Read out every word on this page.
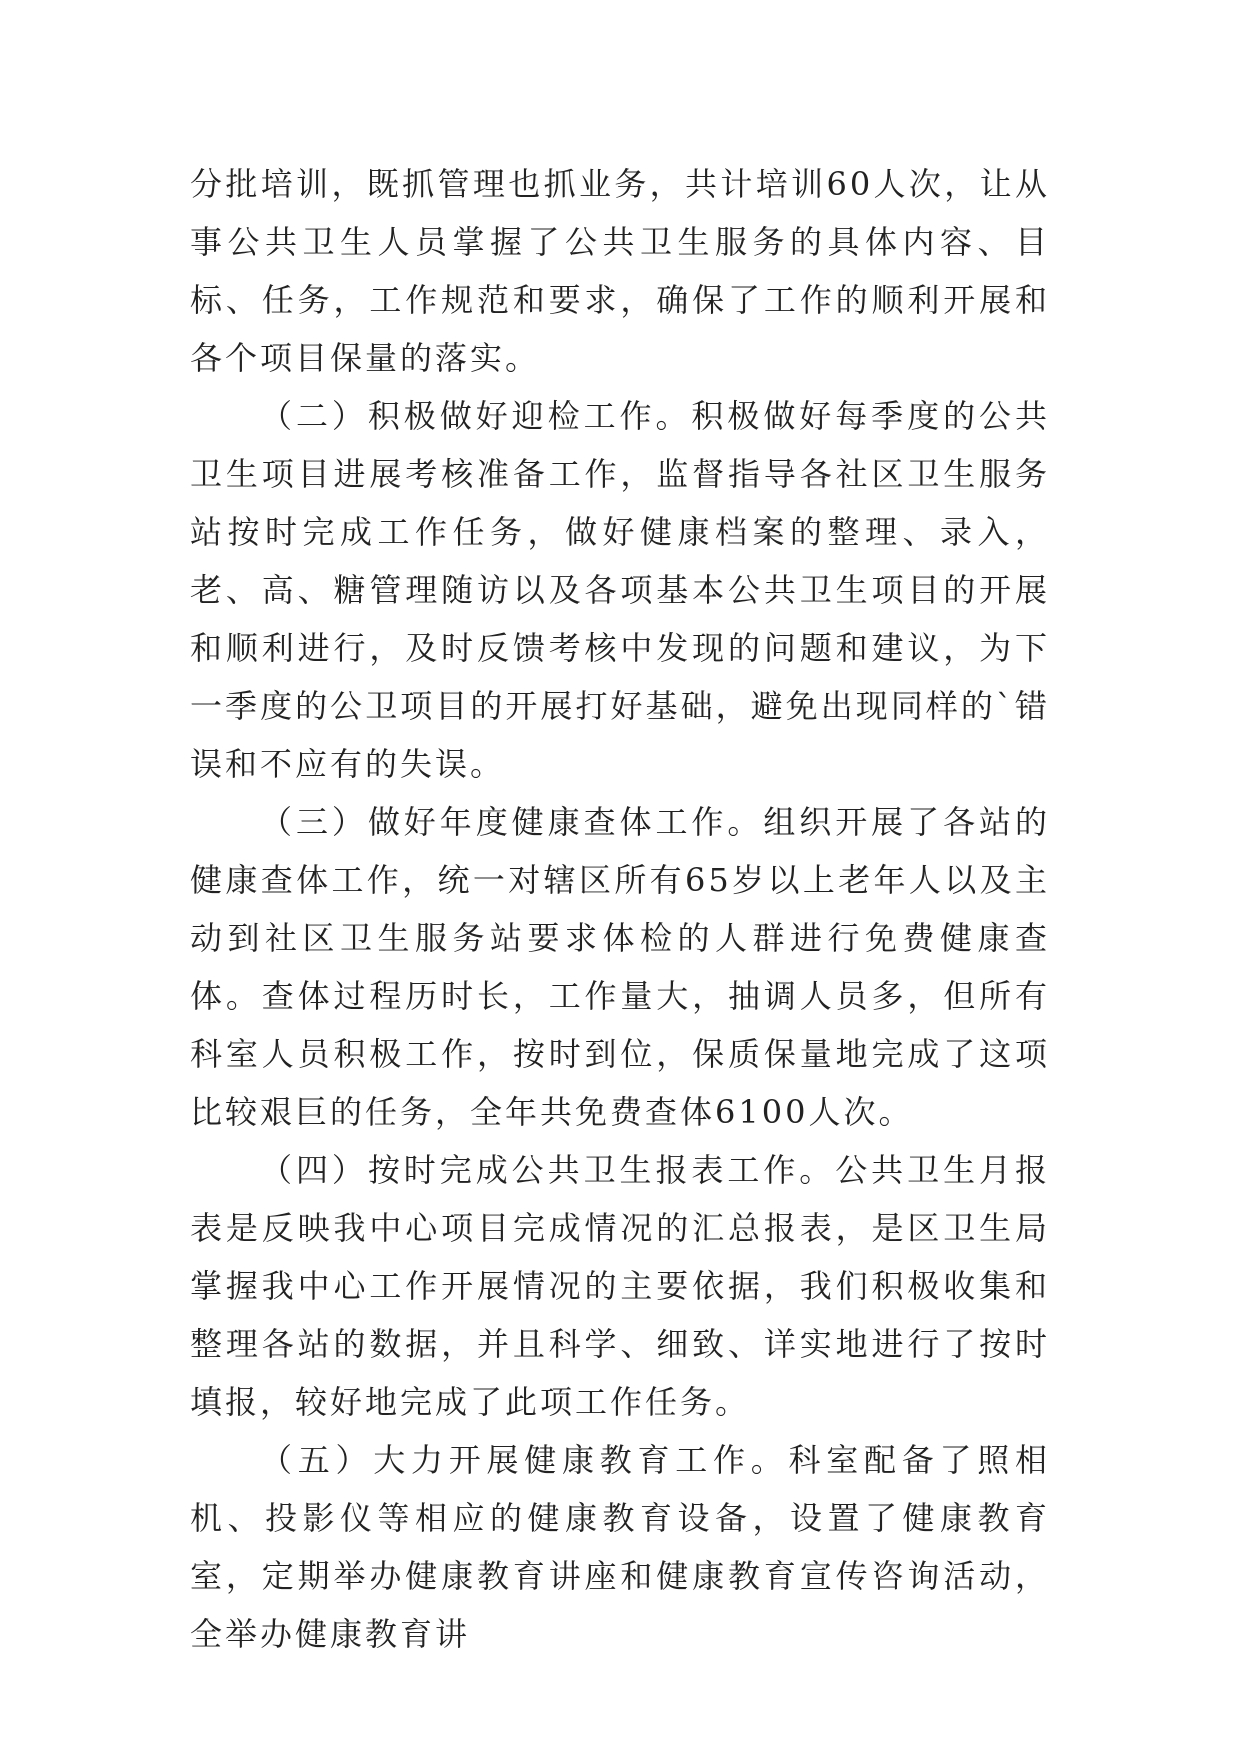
分批培训，既抓管理也抓业务，共计培训60人次，让从事公共卫生人员掌握了公共卫生服务的具体内容、目标、任务，工作规范和要求，确保了工作的顺利开展和各个项目保量的落实。

（二）积极做好迎检工作。积极做好每季度的公共卫生项目进展考核准备工作，监督指导各社区卫生服务站按时完成工作任务，做好健康档案的整理、录入，老、高、糖管理随访以及各项基本公共卫生项目的开展和顺利进行，及时反馈考核中发现的问题和建议，为下一季度的公卫项目的开展打好基础，避免出现同样的`错误和不应有的失误。

（三）做好年度健康查体工作。组织开展了各站的健康查体工作，统一对辖区所有65岁以上老年人以及主动到社区卫生服务站要求体检的人群进行免费健康查体。查体过程历时长，工作量大，抽调人员多，但所有科室人员积极工作，按时到位，保质保量地完成了这项比较艰巨的任务，全年共免费查体6100人次。

（四）按时完成公共卫生报表工作。公共卫生月报表是反映我中心项目完成情况的汇总报表，是区卫生局掌握我中心工作开展情况的主要依据，我们积极收集和整理各站的数据，并且科学、细致、详实地进行了按时填报，较好地完成了此项工作任务。

（五）大力开展健康教育工作。科室配备了照相机、投影仪等相应的健康教育设备，设置了健康教育室，定期举办健康教育讲座和健康教育宣传咨询活动，全举办健康教育讲
